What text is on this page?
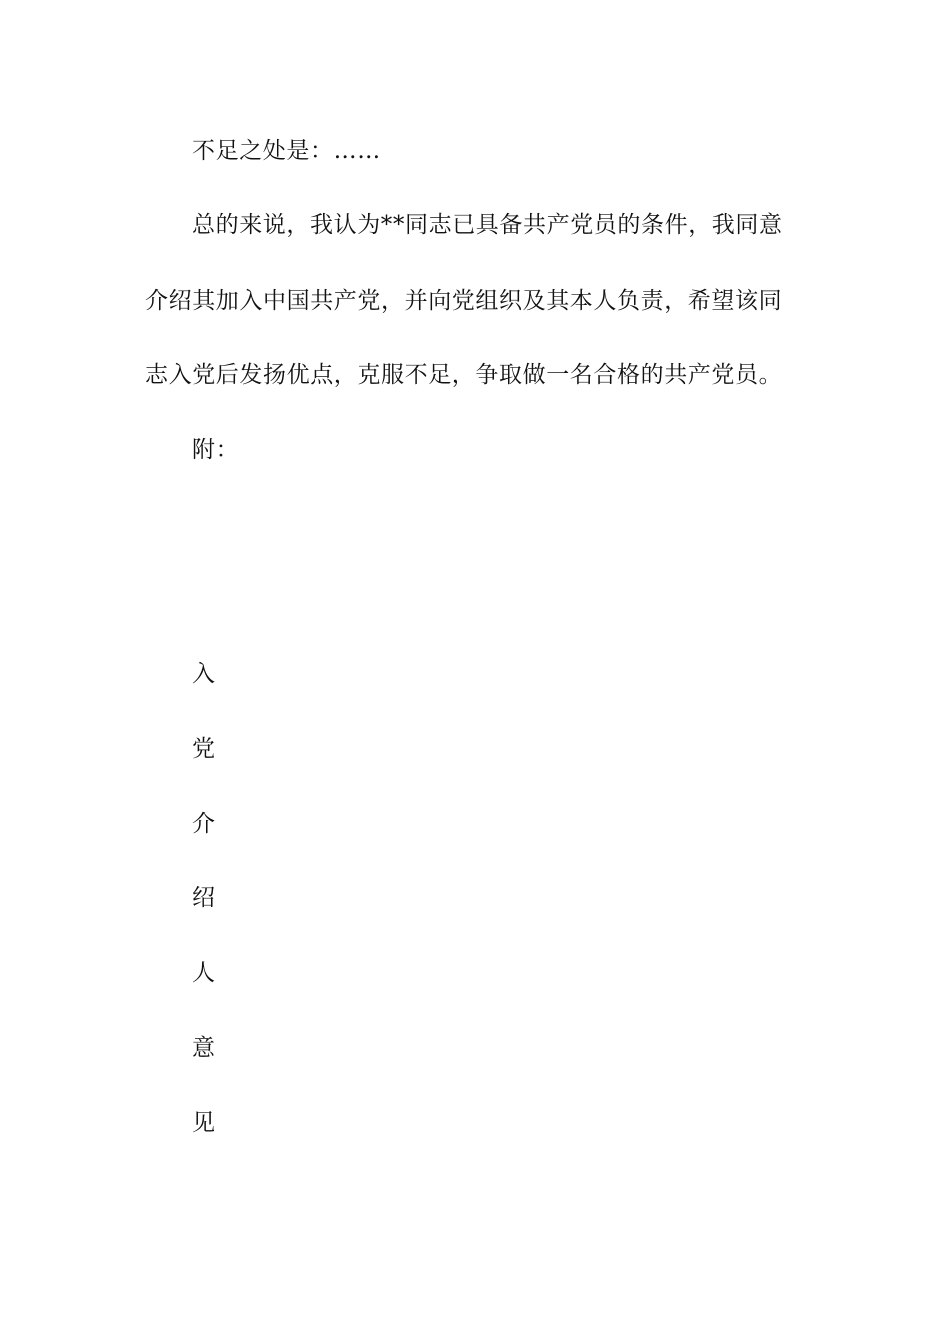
不足之处是：……
总的来说，我认为**同志已具备共产党员的条件，我同意
介绍其加入中国共产党，并向党组织及其本人负责，希望该同
志入党后发扬优点，克服不足，争取做一名合格的共产党员。
附：
入
党
介
绍
人
意
见
